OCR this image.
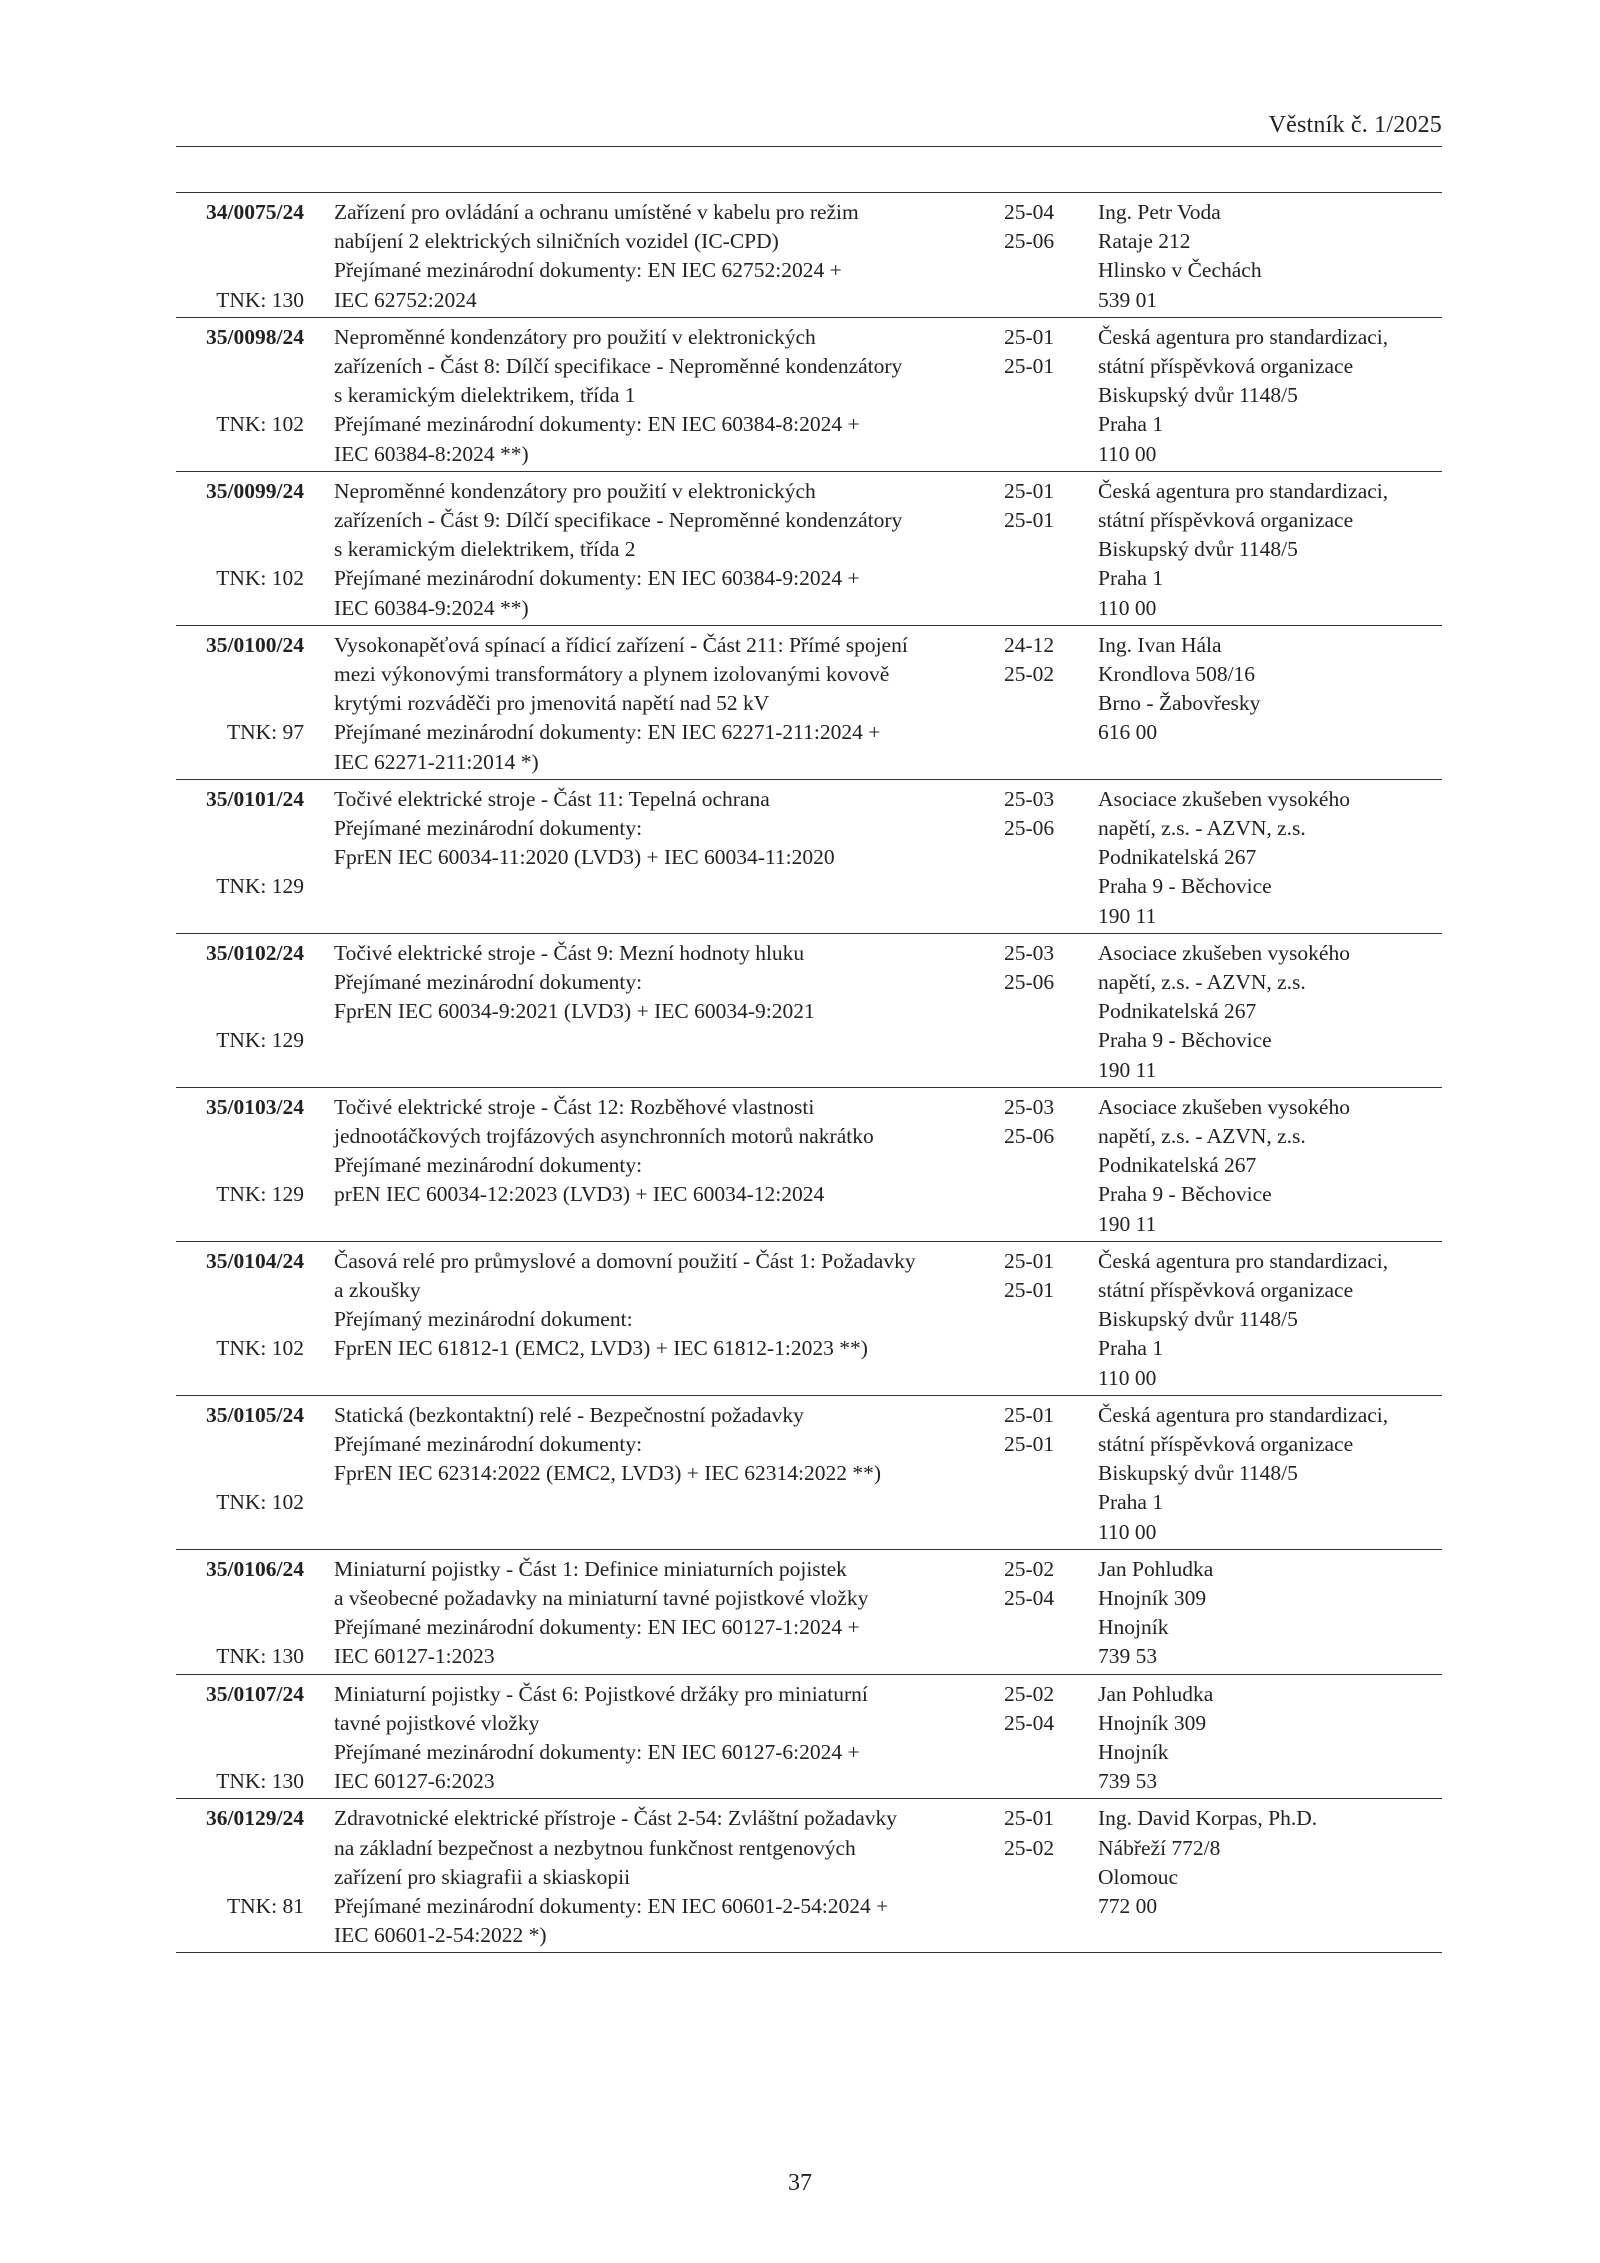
Věstník č. 1/2025
34/0075/24
TNK: 130
Zařízení pro ovládání a ochranu umístěné v kabelu pro režim
nabíjení 2 elektrických silničních vozidel (IC-CPD)
Přejímané mezinárodní dokumenty: EN IEC 62752:2024 +
IEC 62752:2024
25-04
25-06
Ing. Petr Voda
Rataje 212
Hlinsko v Čechách
539 01
35/0098/24
TNK: 102
Neproměnné kondenzátory pro použití v elektronických
zařízeních - Část 8: Dílčí specifikace - Neproměnné kondenzátory
s keramickým dielektrikem, třída 1
Přejímané mezinárodní dokumenty: EN IEC 60384-8:2024 +
IEC 60384-8:2024 **)
25-01
25-01
Česká agentura pro standardizaci,
státní příspěvková organizace
Biskupský dvůr 1148/5
Praha 1
110 00
35/0099/24
TNK: 102
Neproměnné kondenzátory pro použití v elektronických
zařízeních - Část 9: Dílčí specifikace - Neproměnné kondenzátory
s keramickým dielektrikem, třída 2
Přejímané mezinárodní dokumenty: EN IEC 60384-9:2024 +
IEC 60384-9:2024 **)
25-01
25-01
Česká agentura pro standardizaci,
státní příspěvková organizace
Biskupský dvůr 1148/5
Praha 1
110 00
35/0100/24
TNK: 97
Vysokonapěťová spínací a řídicí zařízení - Část 211: Přímé spojení
mezi výkonovými transformátory a plynem izolovanými kovově
krytými rozváděči pro jmenovitá napětí nad 52 kV
Přejímané mezinárodní dokumenty: EN IEC 62271-211:2024 +
IEC 62271-211:2014 *)
24-12
25-02
Ing. Ivan Hála
Krondlova 508/16
Brno - Žabovřesky
616 00
35/0101/24
TNK: 129
Točivé elektrické stroje - Část 11: Tepelná ochrana
Přejímané mezinárodní dokumenty:
FprEN IEC 60034-11:2020 (LVD3) + IEC 60034-11:2020
25-03
25-06
Asociace zkušeben vysokého
napětí, z.s. - AZVN, z.s.
Podnikatelská 267
Praha 9 - Běchovice
190 11
35/0102/24
TNK: 129
Točivé elektrické stroje - Část 9: Mezní hodnoty hluku
Přejímané mezinárodní dokumenty:
FprEN IEC 60034-9:2021 (LVD3) + IEC 60034-9:2021
25-03
25-06
Asociace zkušeben vysokého
napětí, z.s. - AZVN, z.s.
Podnikatelská 267
Praha 9 - Běchovice
190 11
35/0103/24
TNK: 129
Točivé elektrické stroje - Část 12: Rozběhové vlastnosti
jednootáčkových trojfázových asynchronních motorů nakrátko
Přejímané mezinárodní dokumenty:
prEN IEC 60034-12:2023 (LVD3) + IEC 60034-12:2024
25-03
25-06
Asociace zkušeben vysokého
napětí, z.s. - AZVN, z.s.
Podnikatelská 267
Praha 9 - Běchovice
190 11
35/0104/24
TNK: 102
Časová relé pro průmyslové a domovní použití - Část 1: Požadavky
a zkoušky
Přejímaný mezinárodní dokument:
FprEN IEC 61812-1 (EMC2, LVD3) + IEC 61812-1:2023 **)
25-01
25-01
Česká agentura pro standardizaci,
státní příspěvková organizace
Biskupský dvůr 1148/5
Praha 1
110 00
35/0105/24
TNK: 102
Statická (bezkontaktní) relé - Bezpečnostní požadavky
Přejímané mezinárodní dokumenty:
FprEN IEC 62314:2022 (EMC2, LVD3) + IEC 62314:2022 **)
25-01
25-01
Česká agentura pro standardizaci,
státní příspěvková organizace
Biskupský dvůr 1148/5
Praha 1
110 00
35/0106/24
TNK: 130
Miniaturní pojistky - Část 1: Definice miniaturních pojistek
a všeobecné požadavky na miniaturní tavné pojistkové vložky
Přejímané mezinárodní dokumenty: EN IEC 60127-1:2024 +
IEC 60127-1:2023
25-02
25-04
Jan Pohludka
Hnojník 309
Hnojník
739 53
35/0107/24
TNK: 130
Miniaturní pojistky - Část 6: Pojistkové držáky pro miniaturní
tavné pojistkové vložky
Přejímané mezinárodní dokumenty: EN IEC 60127-6:2024 +
IEC 60127-6:2023
25-02
25-04
Jan Pohludka
Hnojník 309
Hnojník
739 53
36/0129/24
TNK: 81
Zdravotnické elektrické přístroje - Část 2-54: Zvláštní požadavky
na základní bezpečnost a nezbytnou funkčnost rentgenových
zařízení pro skiagrafii a skiaskopii
Přejímané mezinárodní dokumenty: EN IEC 60601-2-54:2024 +
IEC 60601-2-54:2022 *)
25-01
25-02
Ing. David Korpas, Ph.D.
Nábřeží 772/8
Olomouc
772 00
37
